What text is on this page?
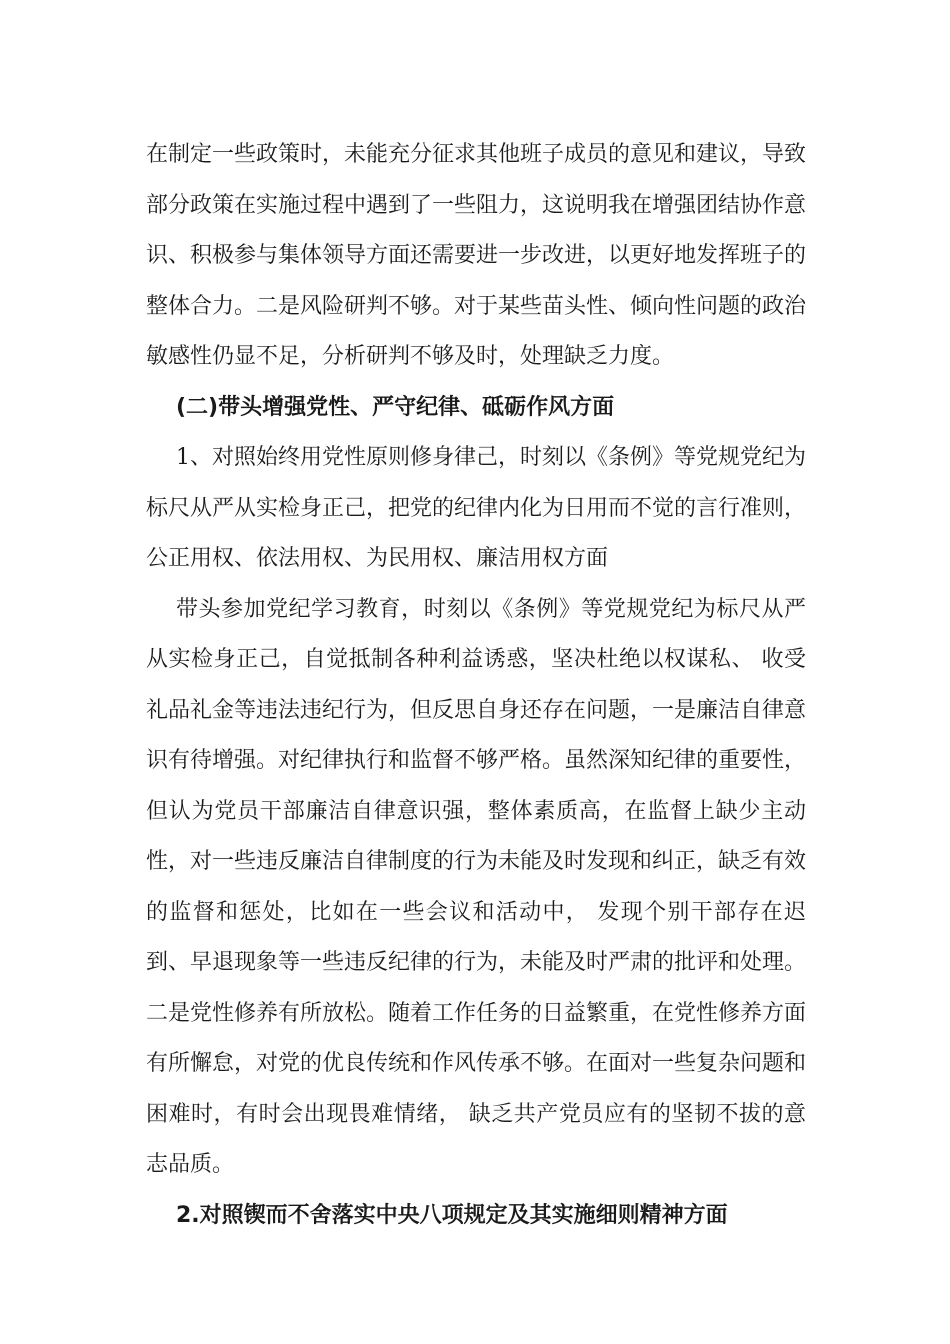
在制定一些政策时，未能充分征求其他班子成员的意见和建议，导致部分政策在实施过程中遇到了一些阻力，这说明我在增强团结协作意识、积极参与集体领导方面还需要进一步改进，以更好地发挥班子的整体合力。二是风险研判不够。对于某些苗头性、倾向性问题的政治敏感性仍显不足，分析研判不够及时，处理缺乏力度。

(二)带头增强党性、严守纪律、砥砺作风方面

1、对照始终用党性原则修身律己，时刻以《条例》等党规党纪为标尺从严从实检身正己，把党的纪律内化为日用而不觉的言行准则，公正用权、依法用权、为民用权、廉洁用权方面

带头参加党纪学习教育，时刻以《条例》等党规党纪为标尺从严从实检身正己，自觉抵制各种利益诱惑，坚决杜绝以权谋私、 收受礼品礼金等违法违纪行为，但反思自身还存在问题，一是廉洁自律意识有待增强。对纪律执行和监督不够严格。虽然深知纪律的重要性，但认为党员干部廉洁自律意识强，整体素质高，在监督上缺少主动性，对一些违反廉洁自律制度的行为未能及时发现和纠正，缺乏有效的监督和惩处，比如在一些会议和活动中， 发现个别干部存在迟到、早退现象等一些违反纪律的行为，未能及时严肃的批评和处理。二是党性修养有所放松。随着工作任务的日益繁重，在党性修养方面有所懈怠，对党的优良传统和作风传承不够。在面对一些复杂问题和困难时，有时会出现畏难情绪， 缺乏共产党员应有的坚韧不拔的意志品质。

2.对照锲而不舍落实中央八项规定及其实施细则精神方面
